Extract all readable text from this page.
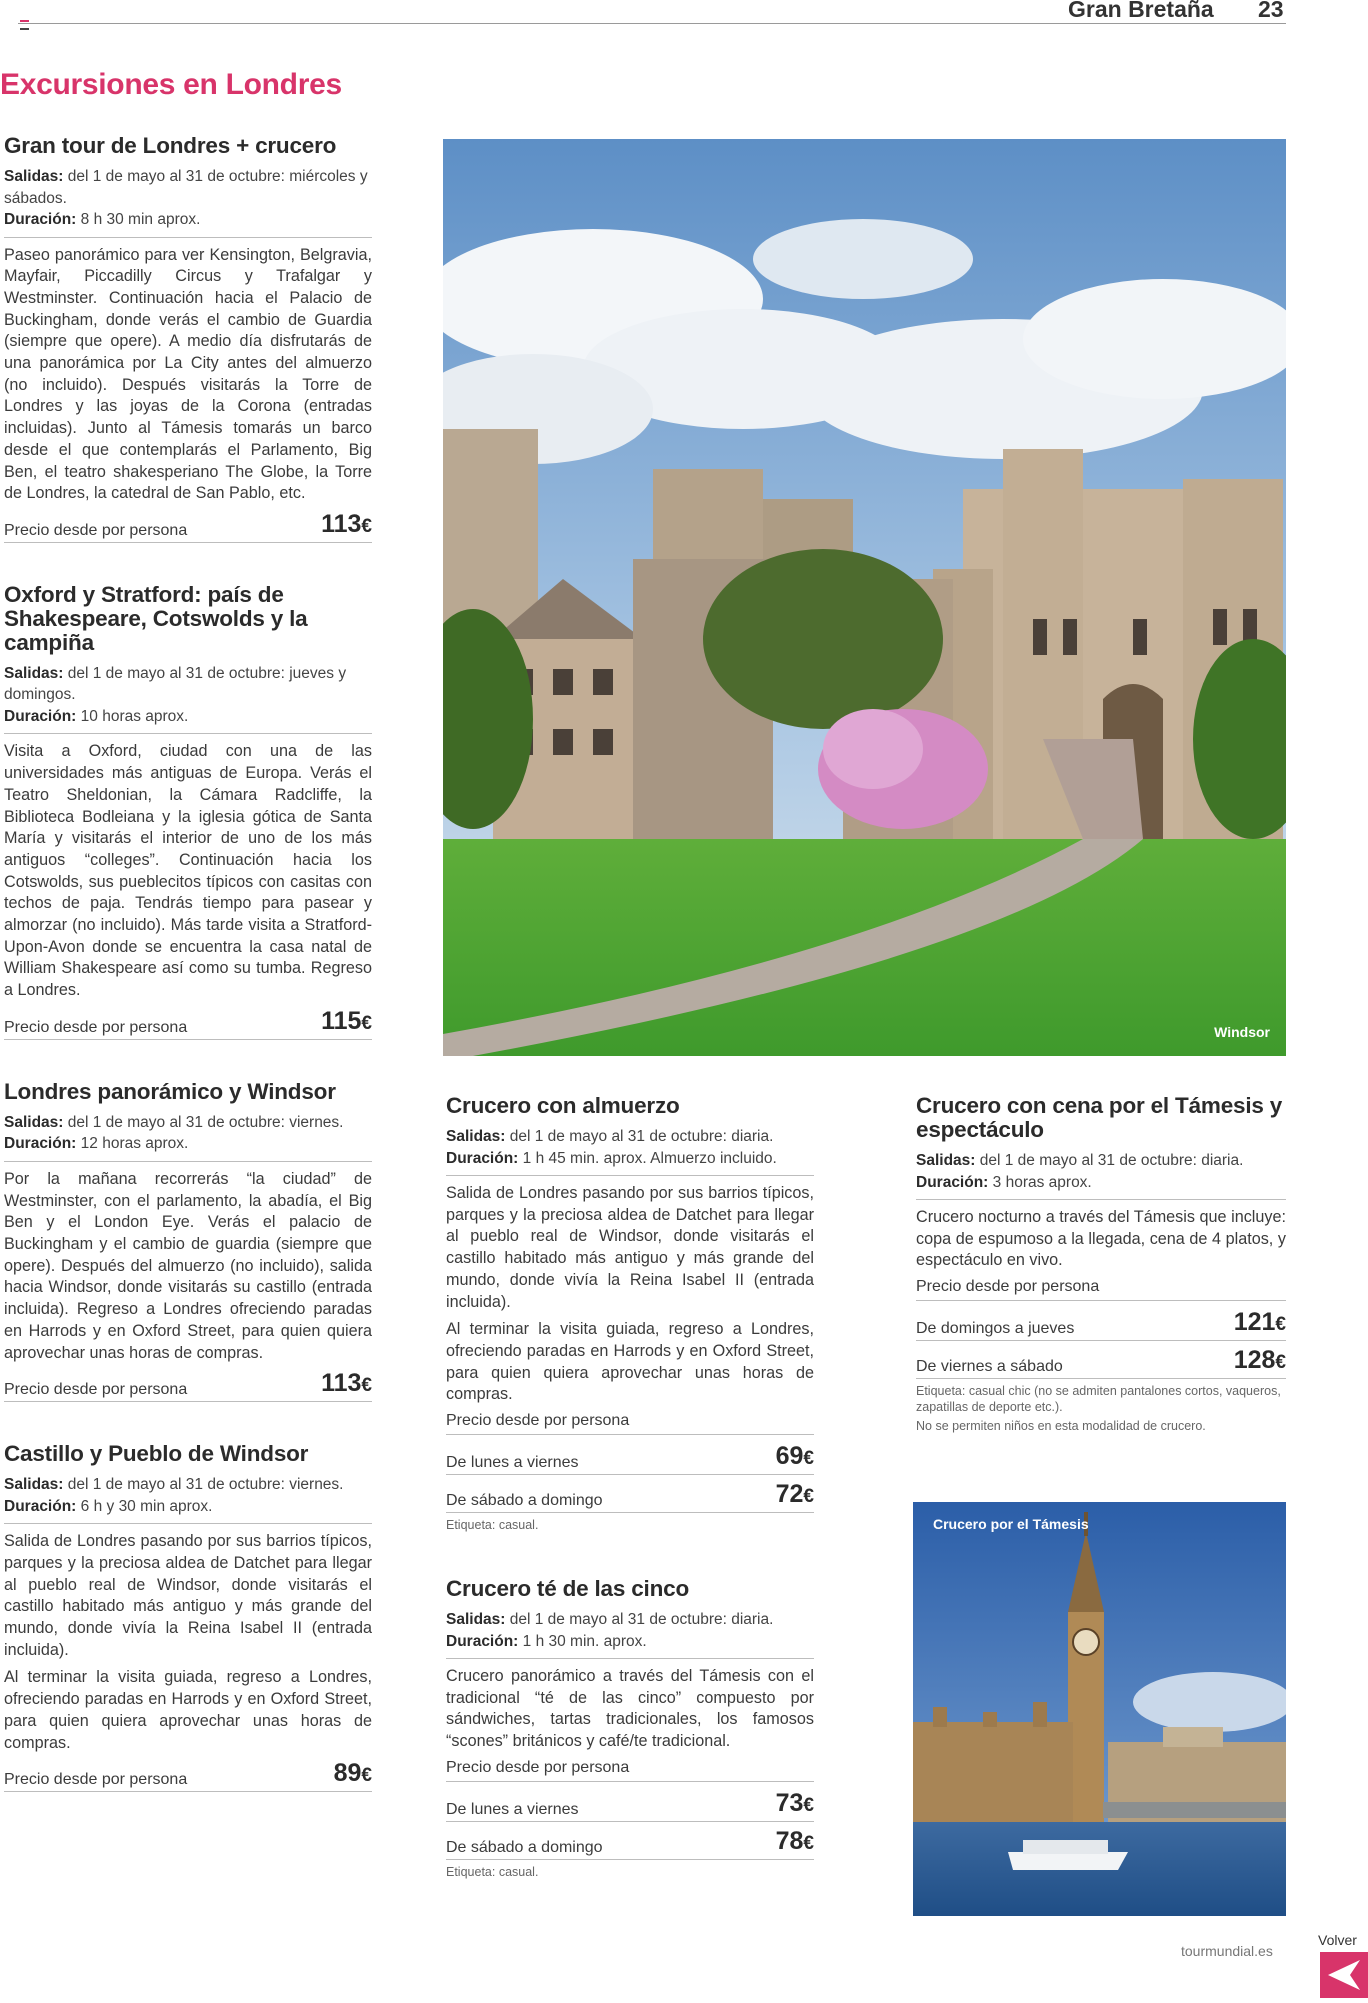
Gran Bretaña 23
Excursiones en Londres
Gran tour de Londres + crucero
Salidas: del 1 de mayo al 31 de octubre: miércoles y sábados.
Duración: 8 h 30 min aprox.

Paseo panorámico para ver Kensington, Belgravia, Mayfair, Piccadilly Circus y Trafalgar y Westminster. Continuación hacia el Palacio de Buckingham, donde verás el cambio de Guardia (siempre que opere). A medio día disfrutarás de una panorámica por La City antes del almuerzo (no incluido). Después visitarás la Torre de Londres y las joyas de la Corona (entradas incluidas). Junto al Támesis tomarás un barco desde el que contemplarás el Parlamento, Big Ben, el teatro shakesperiano The Globe, la Torre de Londres, la catedral de San Pablo, etc.

Precio desde por persona	113€
Oxford y Stratford: país de Shakespeare, Cotswolds y la campiña
Salidas: del 1 de mayo al 31 de octubre: jueves y domingos.
Duración: 10 horas aprox.

Visita a Oxford, ciudad con una de las universidades más antiguas de Europa. Verás el Teatro Sheldonian, la Cámara Radcliffe, la Biblioteca Bodleiana y la iglesia gótica de Santa María y visitarás el interior de uno de los más antiguos “colleges”. Continuación hacia los Cotswolds, sus pueblecitos típicos con casitas con techos de paja. Tendrás tiempo para pasear y almorzar (no incluido). Más tarde visita a Stratford-Upon-Avon donde se encuentra la casa natal de William Shakespeare así como su tumba. Regreso a Londres.

Precio desde por persona	115€
Londres panorámico y Windsor
Salidas: del 1 de mayo al 31 de octubre: viernes.
Duración: 12 horas aprox.

Por la mañana recorrerás “la ciudad” de Westminster, con el parlamento, la abadía, el Big Ben y el London Eye. Verás el palacio de Buckingham y el cambio de guardia (siempre que opere). Después del almuerzo (no incluido), salida hacia Windsor, donde visitarás su castillo (entrada incluida). Regreso a Londres ofreciendo paradas en Harrods y en Oxford Street, para quien quiera aprovechar unas horas de compras.

Precio desde por persona	113€
Castillo y Pueblo de Windsor
Salidas: del 1 de mayo al 31 de octubre: viernes.
Duración: 6 h y 30 min aprox.

Salida de Londres pasando por sus barrios típicos, parques y la preciosa aldea de Datchet para llegar al pueblo real de Windsor, donde visitarás el castillo habitado más antiguo y más grande del mundo, donde vivía la Reina Isabel II (entrada incluida).

Al terminar la visita guiada, regreso a Londres, ofreciendo paradas en Harrods y en Oxford Street, para quien quiera aprovechar unas horas de compras.

Precio desde por persona	89€
Windsor
Crucero con almuerzo
Salidas: del 1 de mayo al 31 de octubre: diaria.
Duración: 1 h 45 min. aprox. Almuerzo incluido.

Salida de Londres pasando por sus barrios típicos, parques y la preciosa aldea de Datchet para llegar al pueblo real de Windsor, donde visitarás el castillo habitado más antiguo y más grande del mundo, donde vivía la Reina Isabel II (entrada incluida).

Al terminar la visita guiada, regreso a Londres, ofreciendo paradas en Harrods y en Oxford Street, para quien quiera aprovechar unas horas de compras.

Precio desde por persona
De lunes a viernes	69€
De sábado a domingo	72€
Etiqueta: casual.
Crucero té de las cinco
Salidas: del 1 de mayo al 31 de octubre: diaria.
Duración: 1 h 30 min. aprox.

Crucero panorámico a través del Támesis con el tradicional “té de las cinco” compuesto por sándwiches, tartas tradicionales, los famosos “scones” británicos y café/te tradicional.

Precio desde por persona
De lunes a viernes	73€
De sábado a domingo	78€
Etiqueta: casual.
Crucero con cena por el Támesis y espectáculo
Salidas: del 1 de mayo al 31 de octubre: diaria.
Duración: 3 horas aprox.

Crucero nocturno a través del Támesis que incluye: copa de espumoso a la llegada, cena de 4 platos, y espectáculo en vivo.

Precio desde por persona
De domingos a jueves	121€
De viernes a sábado	128€
Etiqueta: casual chic (no se admiten pantalones cortos, vaqueros, zapatillas de deporte etc.).
No se permiten niños en esta modalidad de crucero.
Crucero por el Támesis
tourmundial.es
Volver
